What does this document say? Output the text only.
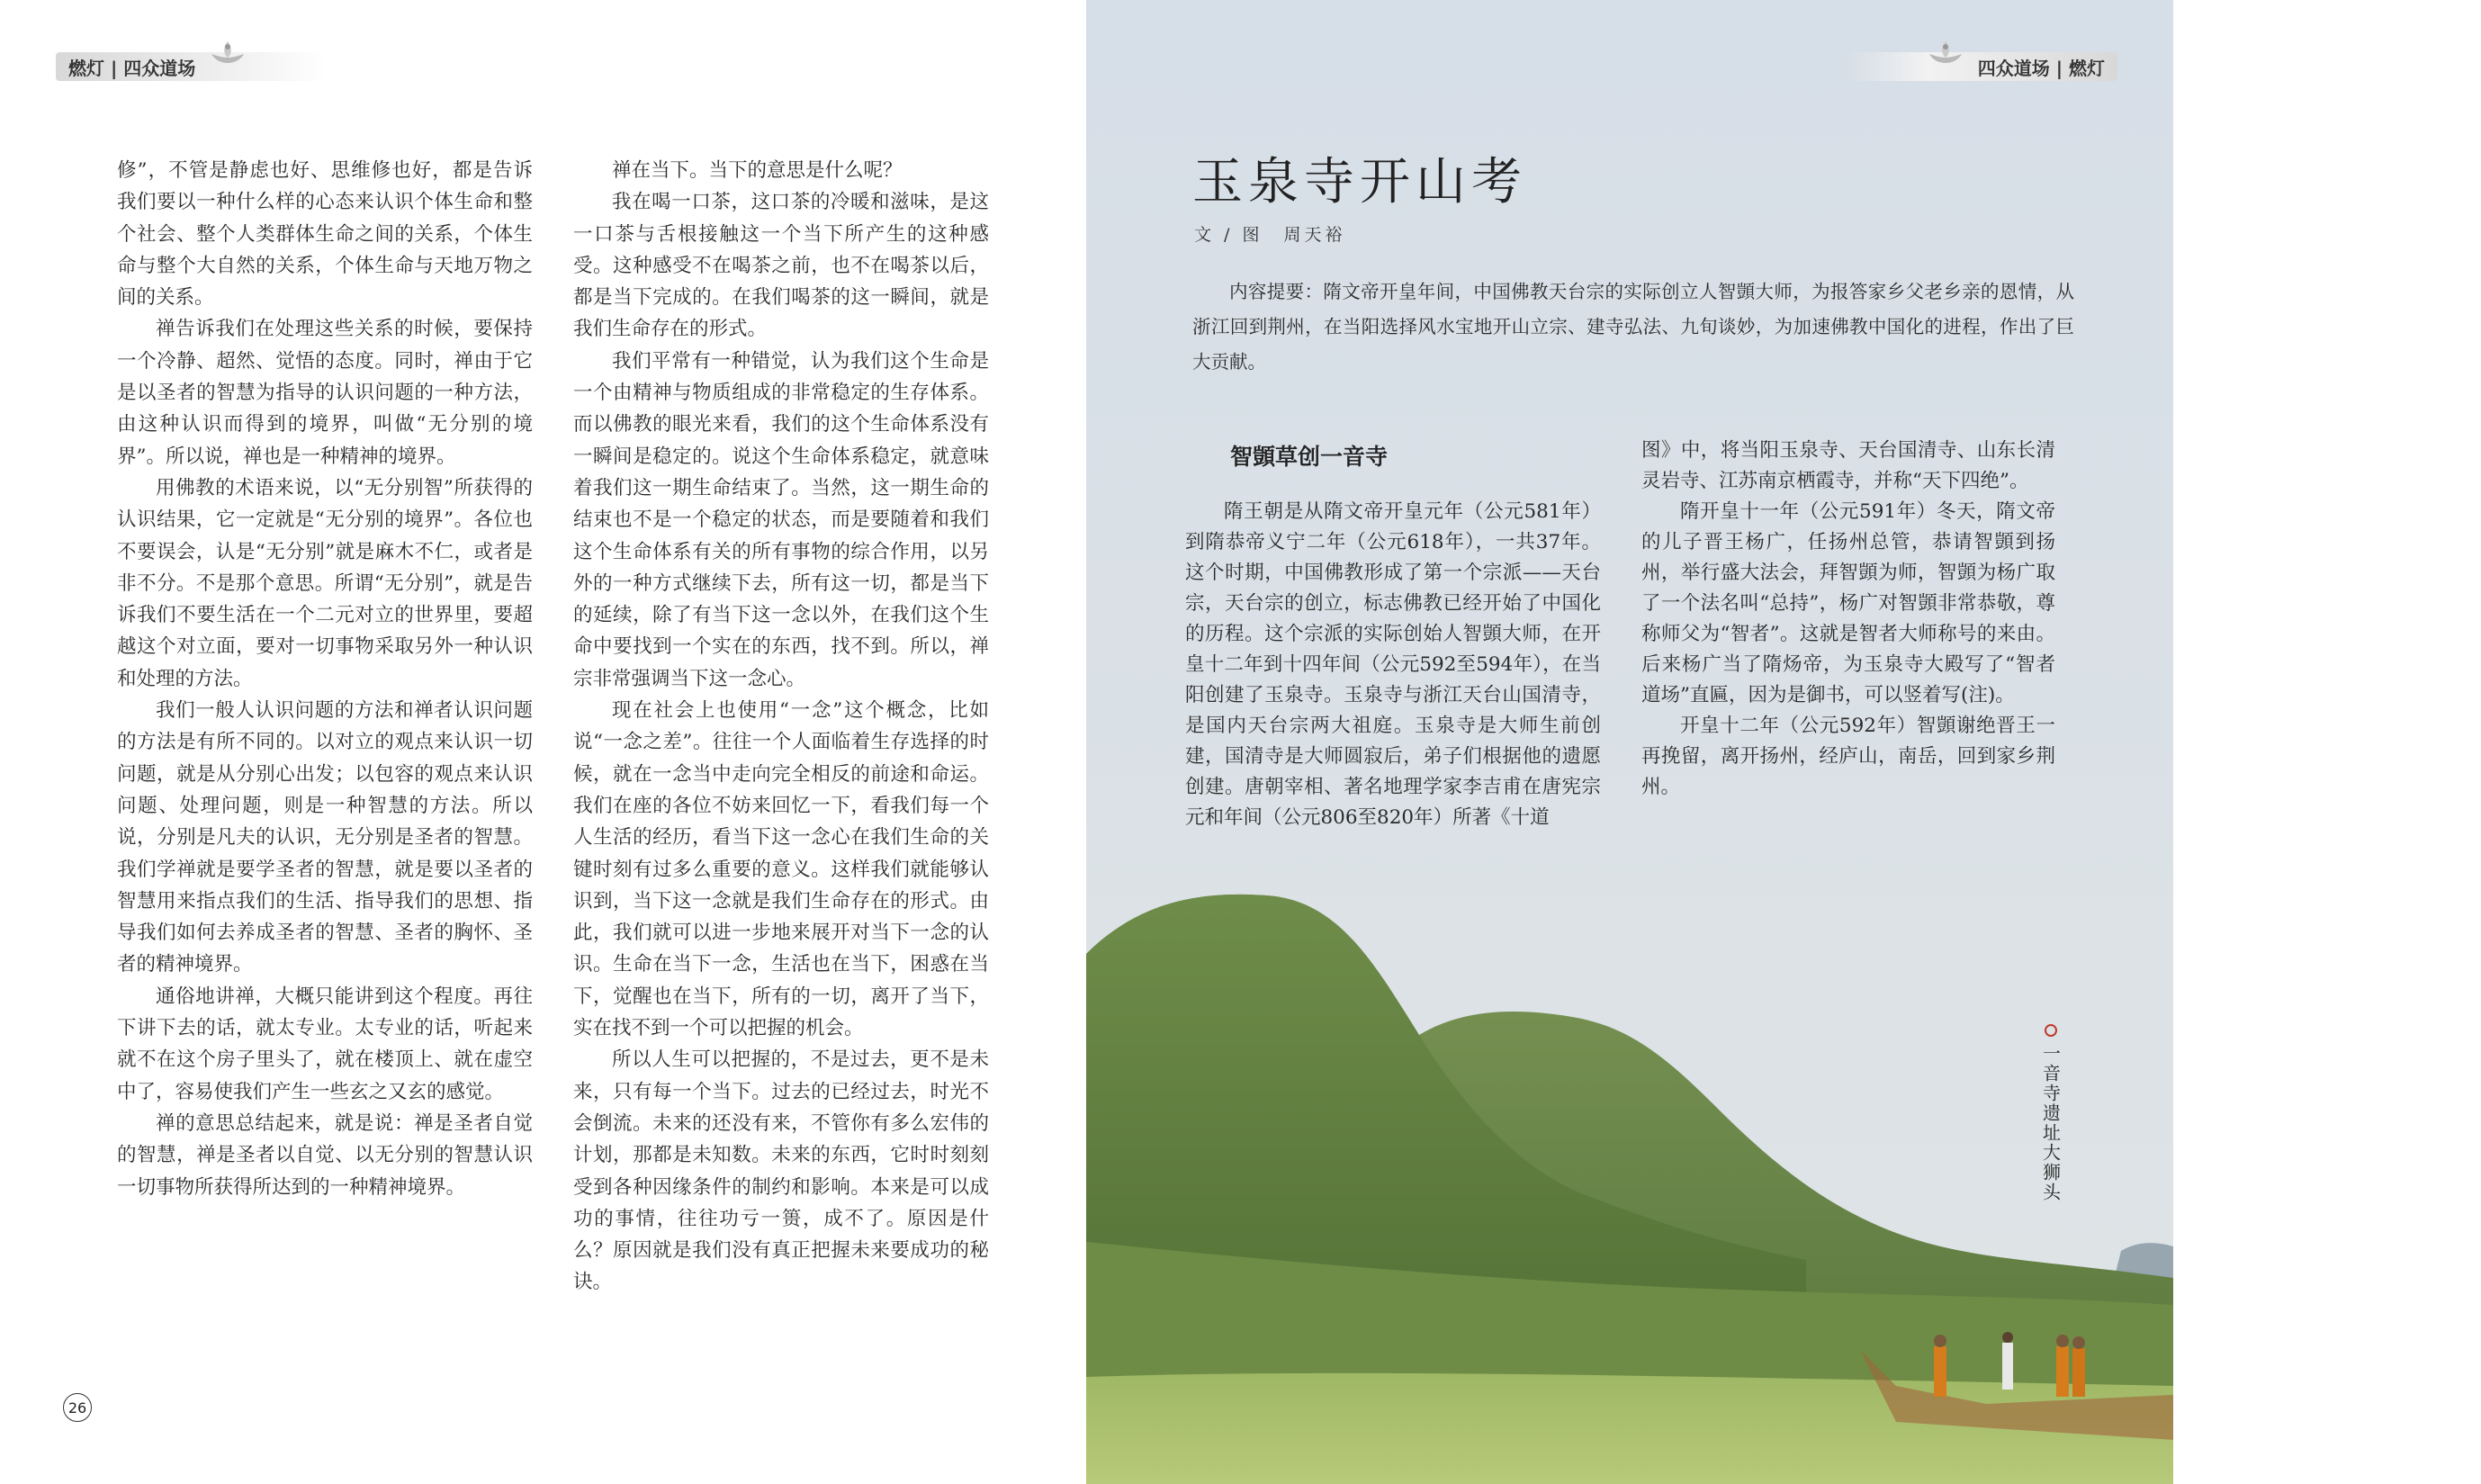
燃灯 | 四众道场

修”，不管是静虑也好、思维修也好，都是告诉我们要以一种什么样的心态来认识个体生命和整个社会、整个人类群体生命之间的关系，个体生命与整个大自然的关系，个体生命与天地万物之间的关系。

禅告诉我们在处理这些关系的时候，要保持一个冷静、超然、觉悟的态度。同时，禅由于它是以圣者的智慧为指导的认识问题的一种方法，由这种认识而得到的境界，叫做“无分别的境界”。所以说，禅也是一种精神的境界。

用佛教的术语来说，以“无分别智”所获得的认识结果，它一定就是“无分别的境界”。各位也不要误会，认是“无分别”就是麻木不仁，或者是非不分。不是那个意思。所谓“无分别”，就是告诉我们不要生活在一个二元对立的世界里，要超越这个对立面，要对一切事物采取另外一种认识和处理的方法。

我们一般人认识问题的方法和禅者认识问题的方法是有所不同的。以对立的观点来认识一切问题，就是从分别心出发；以包容的观点来认识问题、处理问题，则是一种智慧的方法。所以说，分别是凡夫的认识，无分别是圣者的智慧。我们学禅就是要学圣者的智慧，就是要以圣者的智慧用来指点我们的生活、指导我们的思想、指导我们如何去养成圣者的智慧、圣者的胸怀、圣者的精神境界。

通俗地讲禅，大概只能讲到这个程度。再往下讲下去的话，就太专业。太专业的话，听起来就不在这个房子里头了，就在楼顶上、就在虚空中了，容易使我们产生一些玄之又玄的感觉。

禅的意思总结起来，就是说：禅是圣者自觉的智慧，禅是圣者以自觉、以无分别的智慧认识一切事物所获得所达到的一种精神境界。

禅在当下。当下的意思是什么呢？

我在喝一口茶，这口茶的冷暖和滋味，是这一口茶与舌根接触这一个当下所产生的这种感受。这种感受不在喝茶之前，也不在喝茶以后，都是当下完成的。在我们喝茶的这一瞬间，就是我们生命存在的形式。

我们平常有一种错觉，认为我们这个生命是一个由精神与物质组成的非常稳定的生存体系。而以佛教的眼光来看，我们的这个生命体系没有一瞬间是稳定的。说这个生命体系稳定，就意味着我们这一期生命结束了。当然，这一期生命的结束也不是一个稳定的状态，而是要随着和我们这个生命体系有关的所有事物的综合作用，以另外的一种方式继续下去，所有这一切，都是当下的延续，除了有当下这一念以外，在我们这个生命中要找到一个实在的东西，找不到。所以，禅宗非常强调当下这一念心。

现在社会上也使用“一念”这个概念，比如说“一念之差”。往往一个人面临着生存选择的时候，就在一念当中走向完全相反的前途和命运。我们在座的各位不妨来回忆一下，看我们每一个人生活的经历，看当下这一念心在我们生命的关键时刻有过多么重要的意义。这样我们就能够认识到，当下这一念就是我们生命存在的形式。由此，我们就可以进一步地来展开对当下一念的认识。生命在当下一念，生活也在当下，困惑在当下，觉醒也在当下，所有的一切，离开了当下，实在找不到一个可以把握的机会。

所以人生可以把握的，不是过去，更不是未来，只有每一个当下。过去的已经过去，时光不会倒流。未来的还没有来，不管你有多么宏伟的计划，那都是未知数。未来的东西，它时时刻刻受到各种因缘条件的制约和影响。本来是可以成功的事情，往往功亏一篑，成不了。原因是什么？原因就是我们没有真正把握未来要成功的秘诀。

26
四众道场 | 燃灯
玉泉寺开山考
文 / 图　周天裕
内容提要：隋文帝开皇年间，中国佛教天台宗的实际创立人智顗大师，为报答家乡父老乡亲的恩情，从浙江回到荆州，在当阳选择风水宝地开山立宗、建寺弘法、九旬谈妙，为加速佛教中国化的进程，作出了巨大贡献。
智顗草创一音寺

隋王朝是从隋文帝开皇元年（公元581年）到隋恭帝义宁二年（公元618年），一共37年。这个时期，中国佛教形成了第一个宗派——天台宗，天台宗的创立，标志佛教已经开始了中国化的历程。这个宗派的实际创始人智顗大师，在开皇十二年到十四年间（公元592至594年），在当阳创建了玉泉寺。玉泉寺与浙江天台山国清寺，是国内天台宗两大祖庭。玉泉寺是大师生前创建，国清寺是大师圆寂后，弟子们根据他的遗愿创建。唐朝宰相、著名地理学家李吉甫在唐宪宗元和年间（公元806至820年）所著《十道

图》中，将当阳玉泉寺、天台国清寺、山东长清灵岩寺、江苏南京栖霞寺，并称“天下四绝”。

隋开皇十一年（公元591年）冬天，隋文帝的儿子晋王杨广，任扬州总管，恭请智顗到扬州，举行盛大法会，拜智顗为师，智顗为杨广取了一个法名叫“总持”，杨广对智顗非常恭敬，尊称师父为“智者”。这就是智者大师称号的来由。后来杨广当了隋炀帝，为玉泉寺大殿写了“智者道场”直匾，因为是御书，可以竖着写(注)。

开皇十二年（公元592年）智顗谢绝晋王一再挽留，离开扬州，经庐山，南岳，回到家乡荆州。

一音寺遗址大狮头
27
